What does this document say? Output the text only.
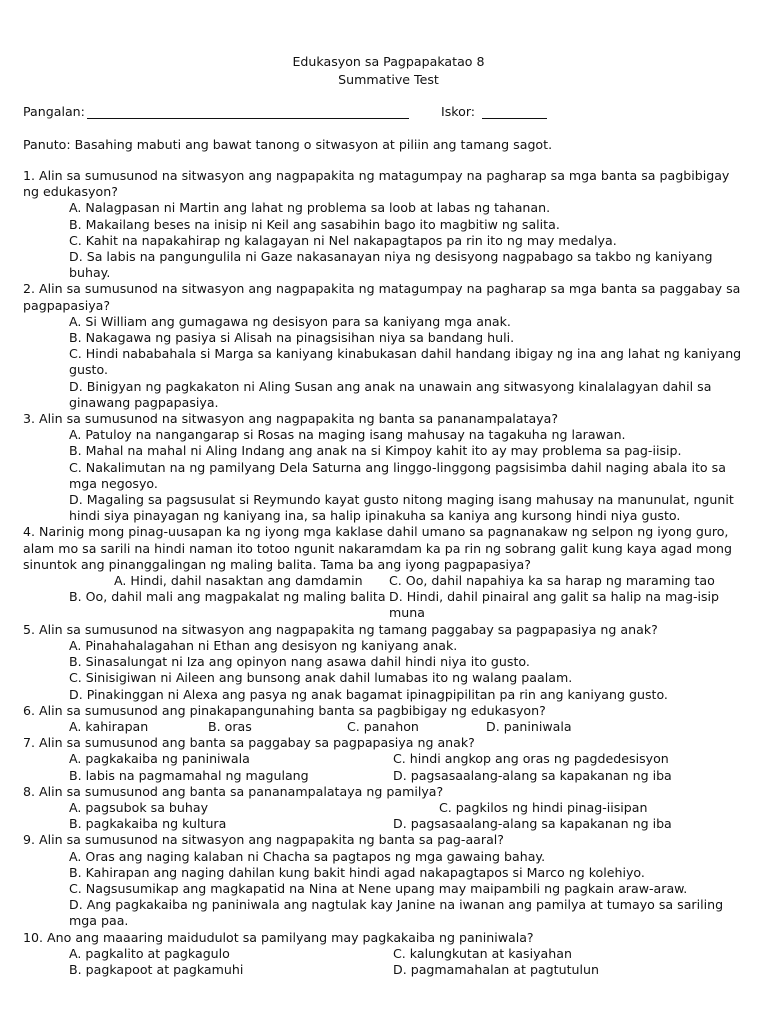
Edukasyon sa Pagpapakatao 8
Summative Test
Pangalan:	Iskor:
Panuto: Basahing mabuti ang bawat tanong o sitwasyon at piliin ang tamang sagot.
1. Alin sa sumusunod na sitwasyon ang nagpapakita ng matagumpay na pagharap sa mga banta sa pagbibigay ng edukasyon?
A. Nalagpasan ni Martin ang lahat ng problema sa loob at labas ng tahanan.
B. Makailang beses na inisip ni Keil ang sasabihin bago ito magbitiw ng salita.
C. Kahit na napakahirap ng kalagayan ni Nel nakapagtapos pa rin ito ng may medalya.
D. Sa labis na pangungulila ni Gaze nakasanayan niya ng desisyong nagpabago sa takbo ng kaniyang buhay.
2. Alin sa sumusunod na sitwasyon ang nagpapakita ng matagumpay na pagharap sa mga banta sa paggabay sa pagpapasiya?
A. Si William ang gumagawa ng desisyon para sa kaniyang mga anak.
B. Nakagawa ng pasiya si Alisah na pinagsisihan niya sa bandang huli.
C. Hindi nababahala si Marga sa kaniyang kinabukasan dahil handang ibigay ng ina ang lahat ng kaniyang gusto.
D. Binigyan ng pagkakaton ni Aling Susan ang anak na unawain ang sitwasyong kinalalagyan dahil sa ginawang pagpapasiya.
3. Alin sa sumusunod na sitwasyon ang nagpapakita ng banta sa pananampalataya?
A. Patuloy na nangangarap si Rosas na maging isang mahusay na tagakuha ng larawan.
B. Mahal na mahal ni Aling Indang ang anak na si Kimpoy kahit ito ay may problema sa pag-iisip.
C. Nakalimutan na ng pamilyang Dela Saturna ang linggo-linggong pagsisimba dahil naging abala ito sa mga negosyo.
D. Magaling sa pagsusulat si Reymundo kayat gusto nitong maging isang mahusay na manunulat, ngunit hindi siya pinayagan ng kaniyang ina, sa halip ipinakuha sa kaniya ang kursong hindi niya gusto.
4. Narinig mong pinag-uusapan ka ng iyong mga kaklase dahil umano sa pagnanakaw ng selpon ng iyong guro, alam mo sa sarili na hindi naman ito totoo ngunit nakaramdam ka pa rin ng sobrang galit kung kaya agad mong sinuntok ang pinanggalingan ng maling balita. Tama ba ang iyong pagpapasiya?
A. Hindi, dahil nasaktan ang damdamin	C. Oo, dahil napahiya ka sa harap ng maraming tao
B. Oo, dahil mali ang magpakalat ng maling balita D. Hindi, dahil pinairal ang galit sa halip na mag-isip muna
5. Alin sa sumusunod na sitwasyon ang nagpapakita ng tamang paggabay sa pagpapasiya ng anak?
A. Pinahahalagahan ni Ethan ang desisyon ng kaniyang anak.
B. Sinasalungat ni Iza ang opinyon nang asawa dahil hindi niya ito gusto.
C. Sinisigiwan ni Aileen ang bunsong anak dahil lumabas ito ng walang paalam.
D. Pinakinggan ni Alexa ang pasya ng anak bagamat ipinagpipilitan pa rin ang kaniyang gusto.
6. Alin sa sumusunod ang pinakapangunahing banta sa pagbibigay ng edukasyon?
A. kahirapan	B. oras	C. panahon	D. paniniwala
7. Alin sa sumusunod ang banta sa paggabay sa pagpapasiya ng anak?
A. pagkakaiba ng paniniwala	C. hindi angkop ang oras ng pagdedesisyon
B. labis na pagmamahal ng magulang	D. pagsasaalang-alang sa kapakanan ng iba
8. Alin sa sumusunod ang banta sa pananampalataya ng pamilya?
A. pagsubok sa buhay	C. pagkilos ng hindi pinag-iisipan
B. pagkakaiba ng kultura	D. pagsasaalang-alang sa kapakanan ng iba
9. Alin sa sumusunod na sitwasyon ang nagpapakita ng banta sa pag-aaral?
A. Oras ang naging kalaban ni Chacha sa pagtapos ng mga gawaing bahay.
B. Kahirapan ang naging dahilan kung bakit hindi agad nakapagtapos si Marco ng kolehiyo.
C. Nagsusumikap ang magkapatid na Nina at Nene upang may maipambili ng pagkain araw-araw.
D. Ang pagkakaiba ng paniniwala ang nagtulak kay Janine na iwanan ang pamilya at tumayo sa sariling mga paa.
10. Ano ang maaaring maidudulot sa pamilyang may pagkakaiba ng paniniwala?
A. pagkalito at pagkagulo	C. kalungkutan at kasiyahan
B. pagkapoot at pagkamuhi	D. pagmamahalan at pagtutulun
